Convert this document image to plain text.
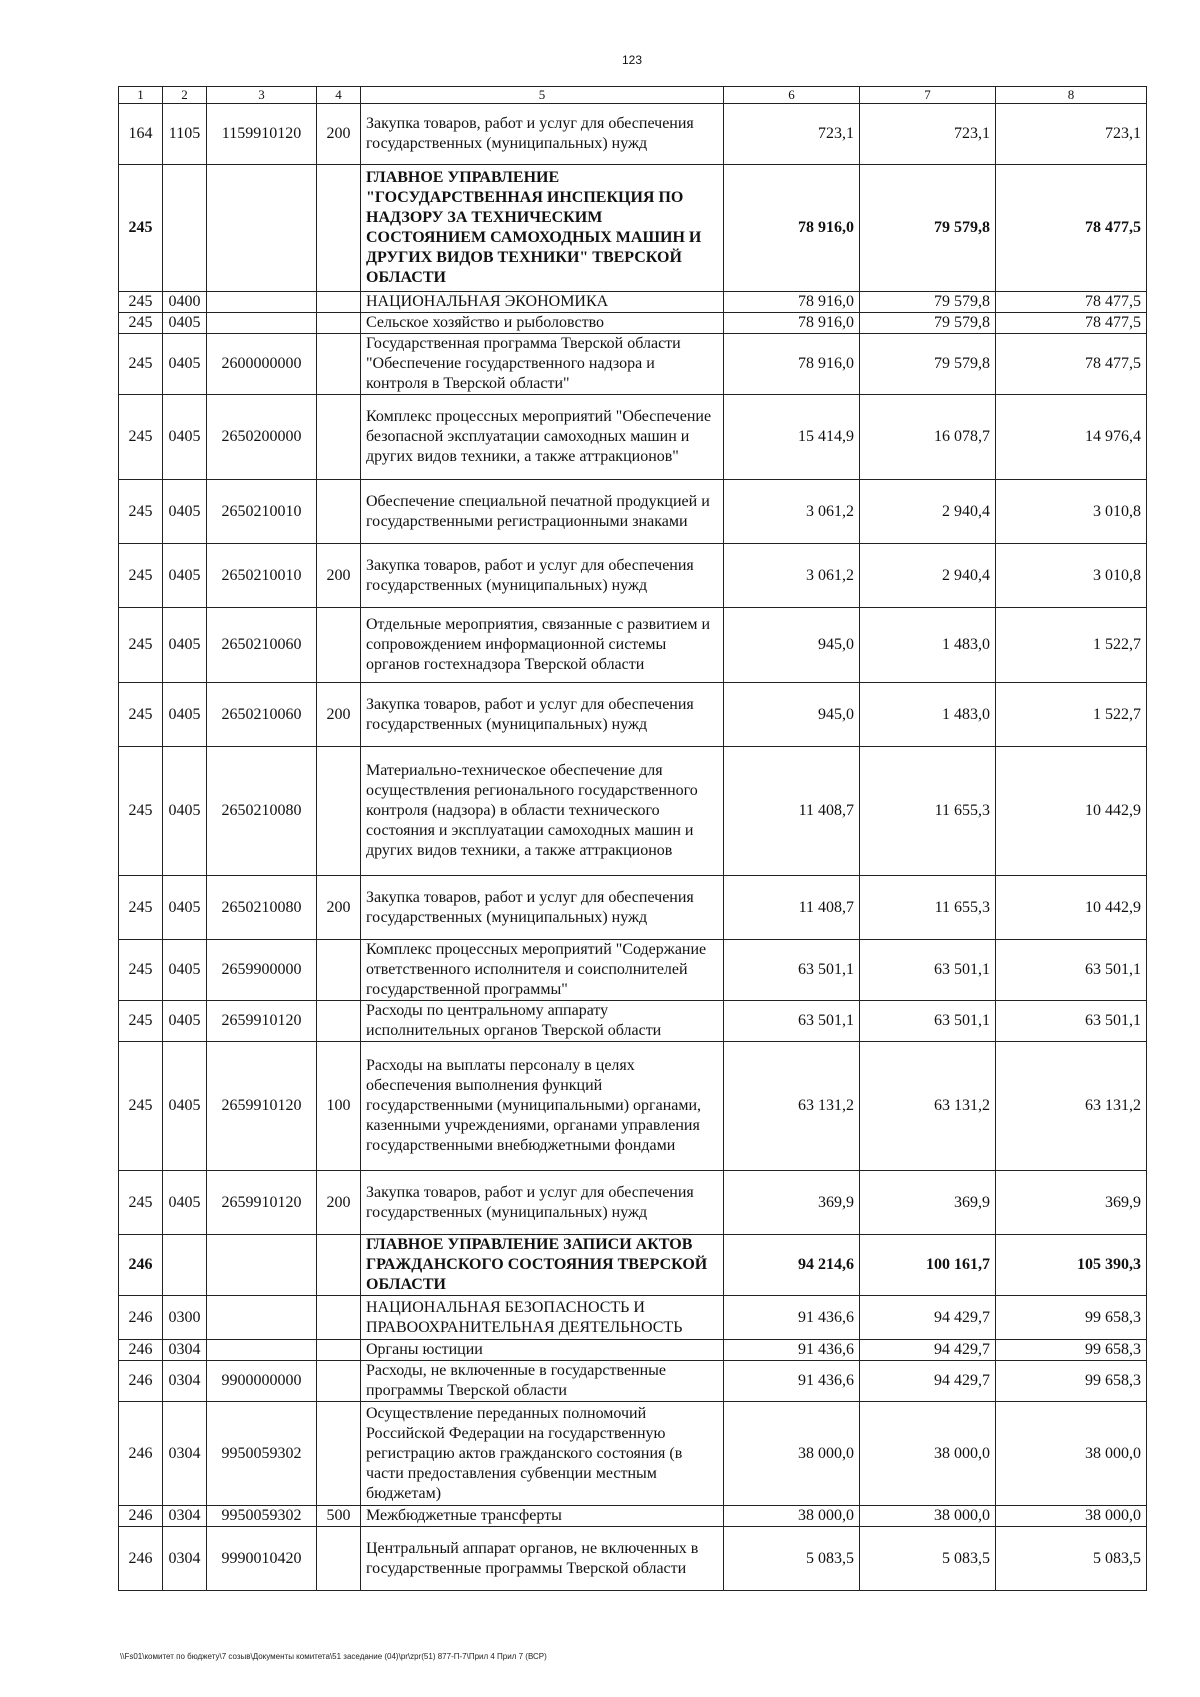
123
1	2	3	4	5	6	7	8
164	1105	1159910120	200	Закупка товаров, работ и услуг для обеспечения государственных (муниципальных) нужд	723,1	723,1	723,1
245				ГЛАВНОЕ УПРАВЛЕНИЕ "ГОСУДАРСТВЕННАЯ ИНСПЕКЦИЯ ПО НАДЗОРУ ЗА ТЕХНИЧЕСКИМ СОСТОЯНИЕМ САМОХОДНЫХ МАШИН И ДРУГИХ ВИДОВ ТЕХНИКИ" ТВЕРСКОЙ ОБЛАСТИ	78 916,0	79 579,8	78 477,5
245	0400			НАЦИОНАЛЬНАЯ ЭКОНОМИКА	78 916,0	79 579,8	78 477,5
245	0405			Сельское хозяйство и рыболовство	78 916,0	79 579,8	78 477,5
245	0405	2600000000		Государственная программа Тверской области "Обеспечение государственного надзора и контроля в Тверской области"	78 916,0	79 579,8	78 477,5
245	0405	2650200000		Комплекс процессных мероприятий "Обеспечение безопасной эксплуатации самоходных машин и других видов техники, а также аттракционов"	15 414,9	16 078,7	14 976,4
245	0405	2650210010		Обеспечение специальной печатной продукцией и государственными регистрационными знаками	3 061,2	2 940,4	3 010,8
245	0405	2650210010	200	Закупка товаров, работ и услуг для обеспечения государственных (муниципальных) нужд	3 061,2	2 940,4	3 010,8
245	0405	2650210060		Отдельные мероприятия, связанные с развитием и сопровождением информационной системы органов гостехнадзора Тверской области	945,0	1 483,0	1 522,7
245	0405	2650210060	200	Закупка товаров, работ и услуг для обеспечения государственных (муниципальных) нужд	945,0	1 483,0	1 522,7
245	0405	2650210080		Материально-техническое обеспечение для осуществления регионального государственного контроля (надзора) в области технического состояния и эксплуатации самоходных машин и других видов техники, а также аттракционов	11 408,7	11 655,3	10 442,9
245	0405	2650210080	200	Закупка товаров, работ и услуг для обеспечения государственных (муниципальных) нужд	11 408,7	11 655,3	10 442,9
245	0405	2659900000		Комплекс процессных мероприятий "Содержание ответственного исполнителя и соисполнителей государственной программы"	63 501,1	63 501,1	63 501,1
245	0405	2659910120		Расходы по центральному аппарату исполнительных органов Тверской области	63 501,1	63 501,1	63 501,1
245	0405	2659910120	100	Расходы на выплаты персоналу в целях обеспечения выполнения функций государственными (муниципальными) органами, казенными учреждениями, органами управления государственными внебюджетными фондами	63 131,2	63 131,2	63 131,2
245	0405	2659910120	200	Закупка товаров, работ и услуг для обеспечения государственных (муниципальных) нужд	369,9	369,9	369,9
246				ГЛАВНОЕ УПРАВЛЕНИЕ ЗАПИСИ АКТОВ ГРАЖДАНСКОГО СОСТОЯНИЯ ТВЕРСКОЙ ОБЛАСТИ	94 214,6	100 161,7	105 390,3
246	0300			НАЦИОНАЛЬНАЯ БЕЗОПАСНОСТЬ И ПРАВООХРАНИТЕЛЬНАЯ ДЕЯТЕЛЬНОСТЬ	91 436,6	94 429,7	99 658,3
246	0304			Органы юстиции	91 436,6	94 429,7	99 658,3
246	0304	9900000000		Расходы, не включенные в государственные программы Тверской области	91 436,6	94 429,7	99 658,3
246	0304	9950059302		Осуществление переданных полномочий Российской Федерации на государственную регистрацию актов гражданского состояния (в части предоставления субвенции местным бюджетам)	38 000,0	38 000,0	38 000,0
246	0304	9950059302	500	Межбюджетные трансферты	38 000,0	38 000,0	38 000,0
246	0304	9990010420		Центральный аппарат органов, не включенных в государственные программы Тверской области	5 083,5	5 083,5	5 083,5
\\Fs01\комитет по бюджету\7 созыв\Документы комитета\51 заседание (04)\pr\zpr(51) 877-П-7\Прил 4 Прил 7 (ВСР)
